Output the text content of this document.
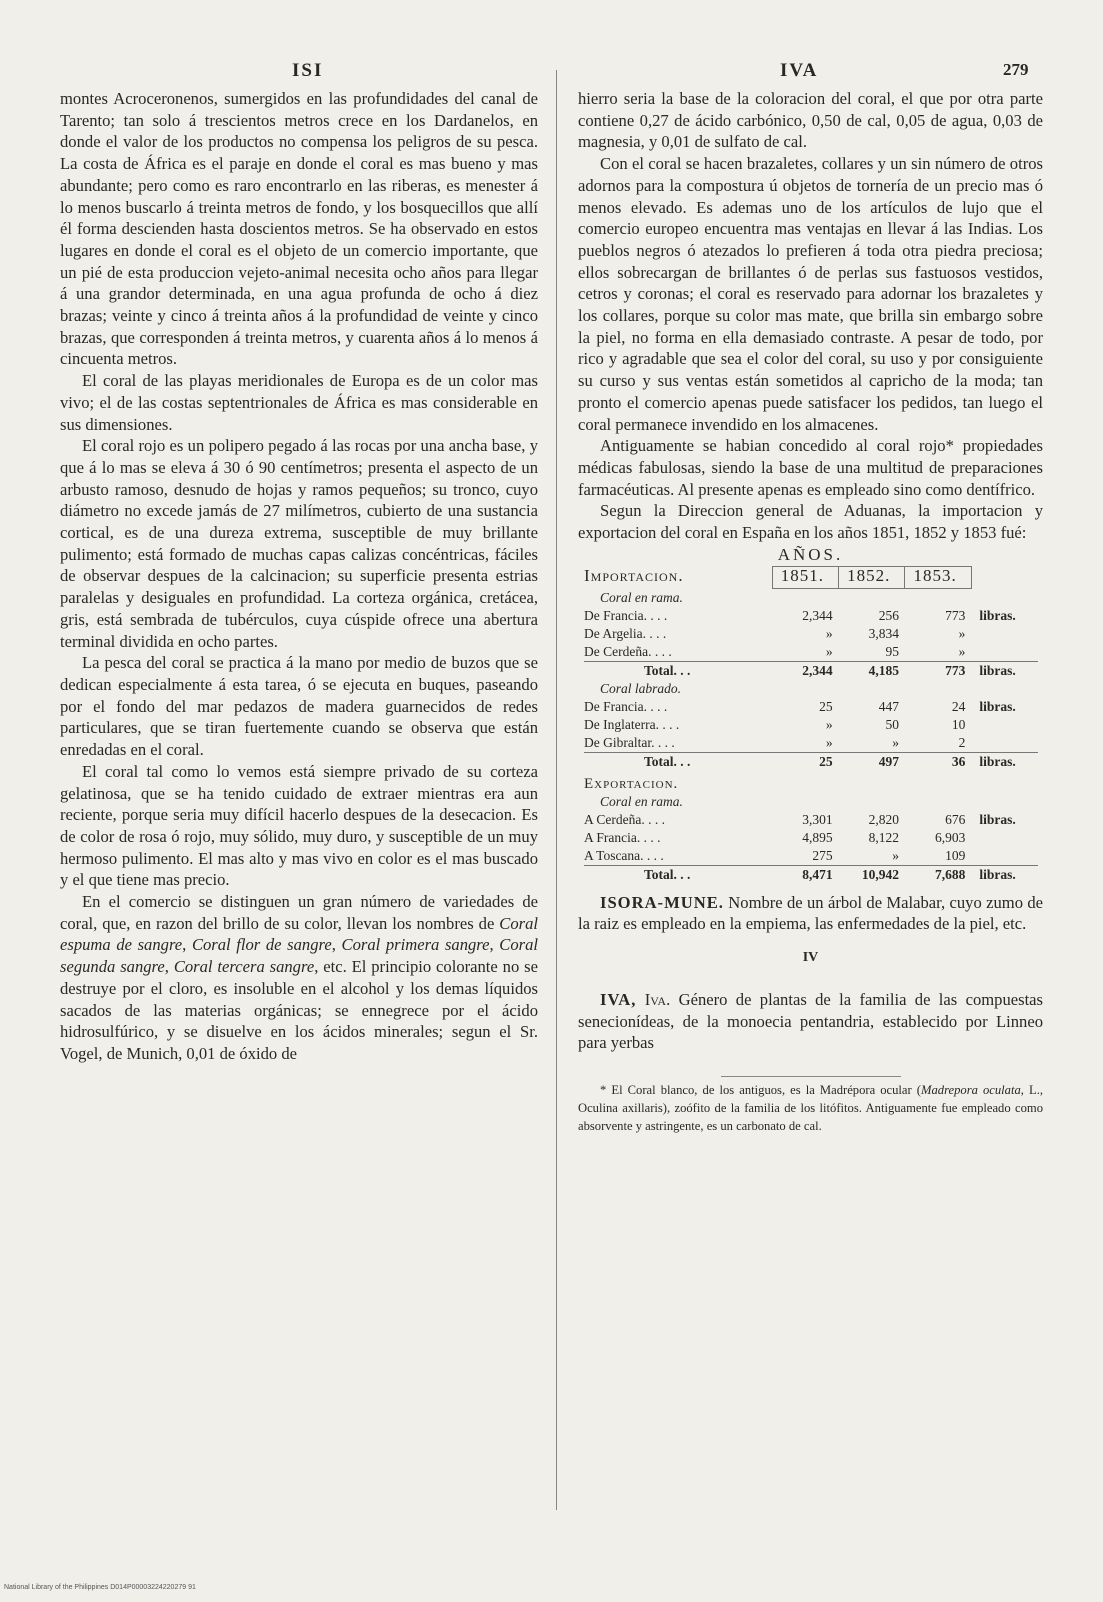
ISI	IVA	279

montes Acroceronenos, sumergidos en las profundidades del canal de Tarento; tan solo á trescientos metros crece en los Dardanelos, en donde el valor de los productos no compensa los peligros de su pesca. La costa de África es el paraje en donde el coral es mas bueno y mas abundante; pero como es raro encontrarlo en las riberas, es menester á lo menos buscarlo á treinta metros de fondo, y los bosquecillos que allí él forma descienden hasta doscientos metros. Se ha observado en estos lugares en donde el coral es el objeto de un comercio importante, que un pié de esta produccion vejeto-animal necesita ocho años para llegar á una grandor determinada, en una agua profunda de ocho á diez brazas; veinte y cinco á treinta años á la profundidad de veinte y cinco brazas, que corresponden á treinta metros, y cuarenta años á lo menos á cincuenta metros.

El coral de las playas meridionales de Europa es de un color mas vivo; el de las costas septentrionales de África es mas considerable en sus dimensiones.

El coral rojo es un polipero pegado á las rocas por una ancha base, y que á lo mas se eleva á 30 ó 90 centímetros; presenta el aspecto de un arbusto ramoso, desnudo de hojas y ramos pequeños; su tronco, cuyo diámetro no excede jamás de 27 milímetros, cubierto de una sustancia cortical, es de una dureza extrema, susceptible de muy brillante pulimento; está formado de muchas capas calizas concéntricas, fáciles de observar despues de la calcinacion; su superficie presenta estrias paralelas y desiguales en profundidad. La corteza orgánica, cretácea, gris, está sembrada de tubérculos, cuya cúspide ofrece una abertura terminal dividida en ocho partes.

La pesca del coral se practica á la mano por medio de buzos que se dedican especialmente á esta tarea, ó se ejecuta en buques, paseando por el fondo del mar pedazos de madera guarnecidos de redes particulares, que se tiran fuertemente cuando se observa que están enredadas en el coral.

El coral tal como lo vemos está siempre privado de su corteza gelatinosa, que se ha tenido cuidado de extraer mientras era aun reciente, porque seria muy difícil hacerlo despues de la desecacion. Es de color de rosa ó rojo, muy sólido, muy duro, y susceptible de un muy hermoso pulimento. El mas alto y mas vivo en color es el mas buscado y el que tiene mas precio.

En el comercio se distinguen un gran número de variedades de coral, que, en razon del brillo de su color, llevan los nombres de Coral espuma de sangre, Coral flor de sangre, Coral primera sangre, Coral segunda sangre, Coral tercera sangre, etc. El principio colorante no se destruye por el cloro, es insoluble en el alcohol y los demas líquidos sacados de las materias orgánicas; se ennegrece por el ácido hidrosulfúrico, y se disuelve en los ácidos minerales; segun el Sr. Vogel, de Munich, 0,01 de óxido de

hierro seria la base de la coloracion del coral, el que por otra parte contiene 0,27 de ácido carbónico, 0,50 de cal, 0,05 de agua, 0,03 de magnesia, y 0,01 de sulfato de cal.

Con el coral se hacen brazaletes, collares y un sin número de otros adornos para la compostura ú objetos de tornería de un precio mas ó menos elevado. Es ademas uno de los artículos de lujo que el comercio europeo encuentra mas ventajas en llevar á las Indias. Los pueblos negros ó atezados lo prefieren á toda otra piedra preciosa; ellos sobrecargan de brillantes ó de perlas sus fastuosos vestidos, cetros y coronas; el coral es reservado para adornar los brazaletes y los collares, porque su color mas mate, que brilla sin embargo sobre la piel, no forma en ella demasiado contraste. A pesar de todo, por rico y agradable que sea el color del coral, su uso y por consiguiente su curso y sus ventas están sometidos al capricho de la moda; tan pronto el comercio apenas puede satisfacer los pedidos, tan luego el coral permanece invendido en los almacenes.

Antiguamente se habian concedido al coral rojo* propiedades médicas fabulosas, siendo la base de una multitud de preparaciones farmacéuticas. Al presente apenas es empleado sino como dentífrico.

Segun la Direccion general de Aduanas, la importacion y exportacion del coral en España en los años 1851, 1852 y 1853 fué:

AÑOS.

Importacion.	1851.	1852.	1853.	
Coral en rama.				
De Francia. . . .	2,344	256	773	libras.
De Argelia. . . .	»	3,834	»	
De Cerdeña. . . .	»	95	»	
Total. . .	2,344	4,185	773	libras.
Coral labrado.				
De Francia. . . .	25	447	24	libras.
De Inglaterra. . . .	»	50	10	
De Gibraltar. . . .	»	»	2	
Total. . .	25	497	36	libras.
Exportacion.				
Coral en rama.				
A Cerdeña. . . .	3,301	2,820	676	libras.
A Francia. . . .	4,895	8,122	6,903	
A Toscana. . . .	275	»	109	
Total. . .	8,471	10,942	7,688	libras.

ISORA-MUNE. Nombre de un árbol de Malabar, cuyo zumo de la raiz es empleado en la empiema, las enfermedades de la piel, etc.

IV

IVA, Iva. Género de plantas de la familia de las compuestas senecionídeas, de la monoecia pentandria, establecido por Linneo para yerbas

* El Coral blanco, de los antiguos, es la Madrépora ocular (Madrepora oculata, L., Oculina axillaris), zoófito de la familia de los litófitos. Antiguamente fue empleado como absorvente y astringente, es un carbonato de cal.

National Library of the Philippines D014P00003224220279 91
